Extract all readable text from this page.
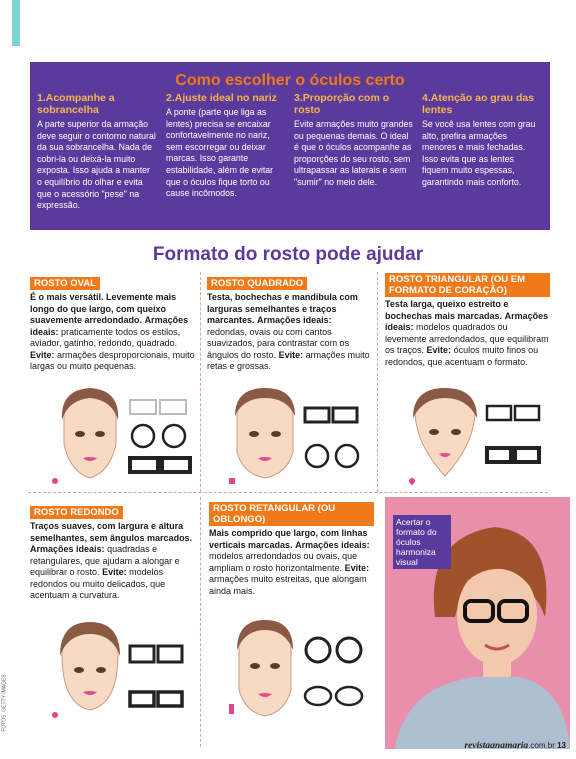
Como escolher o óculos certo
1.Acompanhe a sobrancelha

A parte superior da armação deve seguir o contorno natural da sua sobrancelha. Nada de cobri-la ou deixá-la muito exposta. Isso ajuda a manter o equilíbrio do olhar e evita que o acessório "pese" na expressão.

2.Ajuste ideal no nariz

A ponte (parte que liga as lentes) precisa se encaixar confortavelmente no nariz, sem escorregar ou deixar marcas. Isso garante estabilidade, além de evitar que o óculos fique torto ou cause incômodos.

3.Proporção com o rosto

Evite armações muito grandes ou pequenas demais. O ideal é que o óculos acompanhe as proporções do seu rosto, sem ultrapassar as laterais e sem "sumir" no meio dele.

4.Atenção ao grau das lentes

Se você usa lentes com grau alto, prefira armações menores e mais fechadas. Isso evita que as lentes fiquem muito espessas, garantindo mais conforto.

Formato do rosto pode ajudar
ROSTO OVAL
É o mais versátil. Levemente mais longo do que largo, com queixo suavemente arredondado. Armações ideais: praticamente todos os estilos, aviador, gatinho, redondo, quadrado. Evite: armações desproporcionais, muito largas ou muito pequenas.
ROSTO QUADRADO
Testa, bochechas e mandíbula com larguras semelhantes e traços marcantes. Armações ideais: redondas, ovais ou com cantos suavizados, para contrastar com os ângulos do rosto. Evite: armações muito retas e grossas.
ROSTO TRIANGULAR (OU EM FORMATO DE CORAÇÃO)
Testa larga, queixo estreito e bochechas mais marcadas. Armações ideais: modelos quadrados ou levemente arredondados, que equilibram os traços. Evite: óculos muito finos ou redondos, que acentuam o formato.
ROSTO REDONDO
Traços suaves, com largura e altura semelhantes, sem ângulos marcados. Armações ideais: quadradas e retangulares, que ajudam a alongar e equilibrar o rosto. Evite: modelos redondos ou muito delicados, que acentuam a curvatura.
ROSTO RETANGULAR (OU OBLONGO)
Mais comprido que largo, com linhas verticais marcadas. Armações ideais: modelos arredondados ou ovais, que ampliam o rosto horizontalmente. Evite: armações muito estreitas, que alongam ainda mais.
Acertar o formato do óculos harmoniza visual
FOTOS: GETTY IMAGES
revistaanamaria.com.br 13
